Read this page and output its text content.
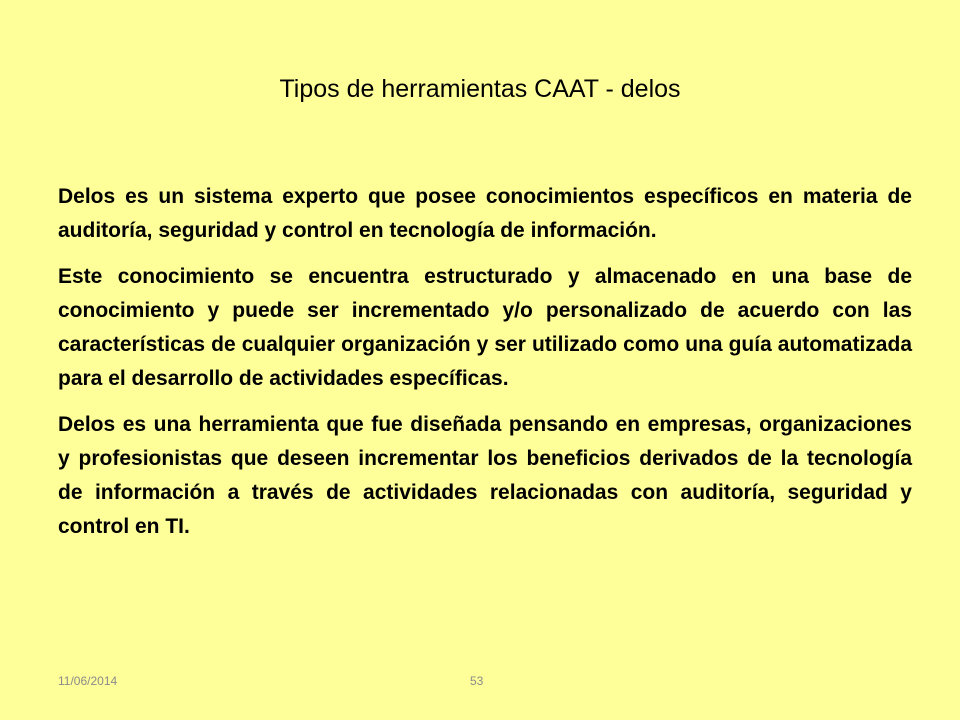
Tipos de herramientas CAAT - delos

Delos es un sistema experto que posee conocimientos específicos en materia de auditoría, seguridad y control en tecnología de información.

Este conocimiento se encuentra estructurado y almacenado en una base de conocimiento y puede ser incrementado y/o personalizado de acuerdo con las características de cualquier organización y ser utilizado como una guía automatizada para el desarrollo de actividades específicas.

Delos es una herramienta que fue diseñada pensando en empresas, organizaciones y profesionistas que deseen incrementar los beneficios derivados de la tecnología de información a través de actividades relacionadas con auditoría, seguridad y control en TI.

11/06/2014	53
